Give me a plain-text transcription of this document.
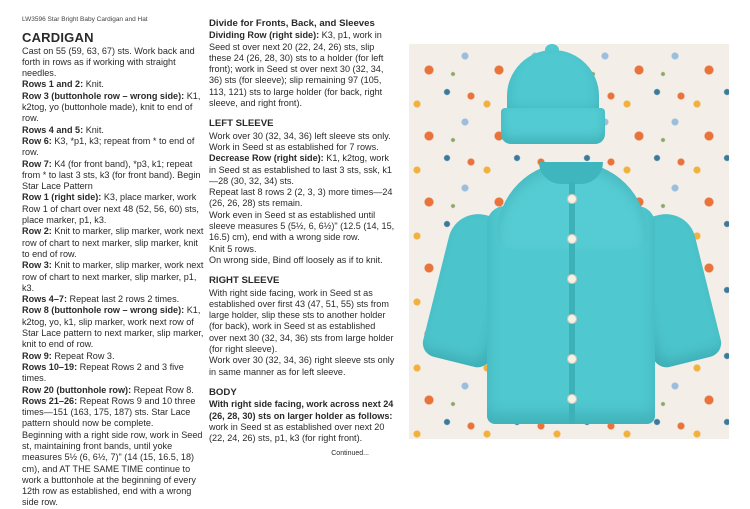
LW3596 Star Bright Baby Cardigan and Hat
CARDIGAN

Cast on 55 (59, 63, 67) sts. Work back and forth in rows as if working with straight needles.

Rows 1 and 2: Knit.

Row 3 (buttonhole row – wrong side): K1, k2tog, yo (buttonhole made), knit to end of row.

Rows 4 and 5: Knit.

Row 6: K3, *p1, k3; repeat from * to end of row.

Row 7: K4 (for front band), *p3, k1; repeat from * to last 3 sts, k3 (for front band). Begin Star Lace Pattern

Row 1 (right side): K3, place marker, work Row 1 of chart over next 48 (52, 56, 60) sts, place marker, p1, k3.

Row 2: Knit to marker, slip marker, work next row of chart to next marker, slip marker, knit to end of row.

Row 3: Knit to marker, slip marker, work next row of chart to next marker, slip marker, p1, k3.

Rows 4–7: Repeat last 2 rows 2 times.

Row 8 (buttonhole row – wrong side): K1, k2tog, yo, k1, slip marker, work next row of Star Lace pattern to next marker, slip marker, knit to end of row.

Row 9: Repeat Row 3.

Rows 10–19: Repeat Rows 2 and 3 five times.

Row 20 (buttonhole row): Repeat Row 8.

Rows 21–26: Repeat Rows 9 and 10 three times—151 (163, 175, 187) sts. Star Lace pattern should now be complete.

Beginning with a right side row, work in Seed st, maintaining front bands, until yoke measures 5½ (6, 6½, 7)" (14 (15, 16.5, 18) cm), and AT THE SAME TIME continue to work a buttonhole at the beginning of every 12th row as established, end with a wrong side row.

Divide for Fronts, Back, and Sleeves

Dividing Row (right side): K3, p1, work in Seed st over next 20 (22, 24, 26) sts, slip these 24 (26, 28, 30) sts to a holder (for left front); work in Seed st over next 30 (32, 34, 36) sts (for sleeve); slip remaining 97 (105, 113, 121) sts to large holder (for back, right sleeve, and right front).

LEFT SLEEVE

Work over 30 (32, 34, 36) left sleeve sts only. Work in Seed st as established for 7 rows.

Decrease Row (right side): K1, k2tog, work in Seed st as established to last 3 sts, ssk, k1—28 (30, 32, 34) sts.

Repeat last 8 rows 2 (2, 3, 3) more times—24 (26, 26, 28) sts remain.

Work even in Seed st as established until sleeve measures 5 (5½, 6, 6½)" (12.5 (14, 15, 16.5) cm), end with a wrong side row.

Knit 5 rows.

On wrong side, Bind off loosely as if to knit.

RIGHT SLEEVE

With right side facing, work in Seed st as established over first 43 (47, 51, 55) sts from large holder, slip these sts to another holder (for back), work in Seed st as established over next 30 (32, 34, 36) sts from large holder (for right sleeve).

Work over 30 (32, 34, 36) right sleeve sts only in same manner as for left sleeve.

BODY

With right side facing, work across next 24 (26, 28, 30) sts on larger holder as follows: work in Seed st as established over next 20 (22, 24, 26) sts, p1, k3 (for right front).

Continued...
